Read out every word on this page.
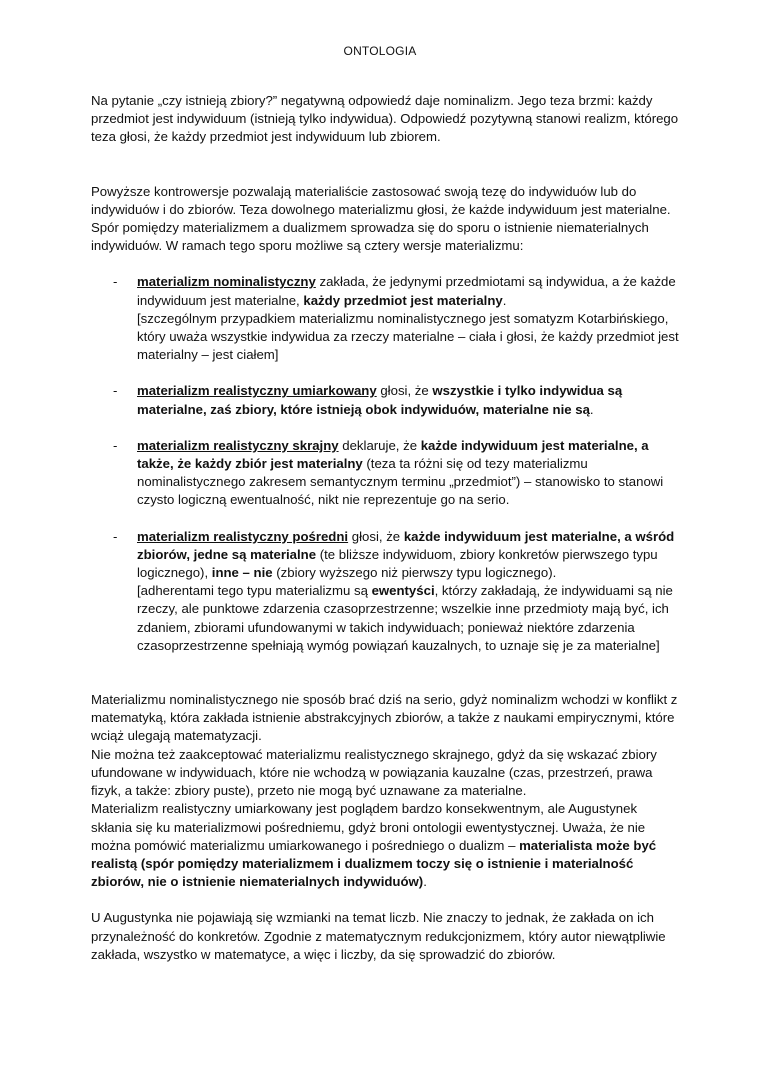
ONTOLOGIA

Na pytanie „czy istnieją zbiory?” negatywną odpowiedź daje nominalizm. Jego teza brzmi: każdy przedmiot jest indywiduum (istnieją tylko indywidua). Odpowiedź pozytywną stanowi realizm, którego teza głosi, że każdy przedmiot jest indywiduum lub zbiorem.

Powyższe kontrowersje pozwalają materialiście zastosować swoją tezę do indywiduów lub do indywiduów i do zbiorów. Teza dowolnego materializmu głosi, że każde indywiduum jest materialne. Spór pomiędzy materializmem a dualizmem sprowadza się do sporu o istnienie niematerialnych indywiduów. W ramach tego sporu możliwe są cztery wersje materializmu:

- materializm nominalistyczny zakłada, że jedynymi przedmiotami są indywidua, a że każde indywiduum jest materialne, każdy przedmiot jest materialny.
[szczególnym przypadkiem materializmu nominalistycznego jest somatyzm Kotarbińskiego, który uważa wszystkie indywidua za rzeczy materialne – ciała i głosi, że każdy przedmiot jest materialny – jest ciałem]
- materializm realistyczny umiarkowany głosi, że wszystkie i tylko indywidua są materialne, zaś zbiory, które istnieją obok indywiduów, materialne nie są.
- materializm realistyczny skrajny deklaruje, że każde indywiduum jest materialne, a także, że każdy zbiór jest materialny (teza ta różni się od tezy materializmu nominalistycznego zakresem semantycznym terminu „przedmiot”) – stanowisko to stanowi czysto logiczną ewentualność, nikt nie reprezentuje go na serio.
- materializm realistyczny pośredni głosi, że każde indywiduum jest materialne, a wśród zbiorów, jedne są materialne (te bliższe indywiduom, zbiory konkretów pierwszego typu logicznego), inne – nie (zbiory wyższego niż pierwszy typu logicznego).
[adherentami tego typu materializmu są ewentyści, którzy zakładają, że indywiduami są nie rzeczy, ale punktowe zdarzenia czasoprzestrzenne; wszelkie inne przedmioty mają być, ich zdaniem, zbiorami ufundowanymi w takich indywiduach; ponieważ niektóre zdarzenia czasoprzestrzenne spełniają wymóg powiązań kauzalnych, to uznaje się je za materialne]

Materializmu nominalistycznego nie sposób brać dziś na serio, gdyż nominalizm wchodzi w konflikt z matematyką, która zakłada istnienie abstrakcyjnych zbiorów, a także z naukami empirycznymi, które wciąż ulegają matematyzacji.

Nie można też zaakceptować materializmu realistycznego skrajnego, gdyż da się wskazać zbiory ufundowane w indywiduach, które nie wchodzą w powiązania kauzalne (czas, przestrzeń, prawa fizyk, a także: zbiory puste), przeto nie mogą być uznawane za materialne.

Materializm realistyczny umiarkowany jest poglądem bardzo konsekwentnym, ale Augustynek skłania się ku materializmowi pośredniemu, gdyż broni ontologii ewentystycznej. Uważa, że nie można pomówić materializmu umiarkowanego i pośredniego o dualizm – materialista może być realistą (spór pomiędzy materializmem i dualizmem toczy się o istnienie i materialność zbiorów, nie o istnienie niematerialnych indywiduów).

U Augustynka nie pojawiają się wzmianki na temat liczb. Nie znaczy to jednak, że zakłada on ich przynależność do konkretów. Zgodnie z matematycznym redukcjonizmem, który autor niewątpliwie zakłada, wszystko w matematyce, a więc i liczby, da się sprowadzić do zbiorów.
